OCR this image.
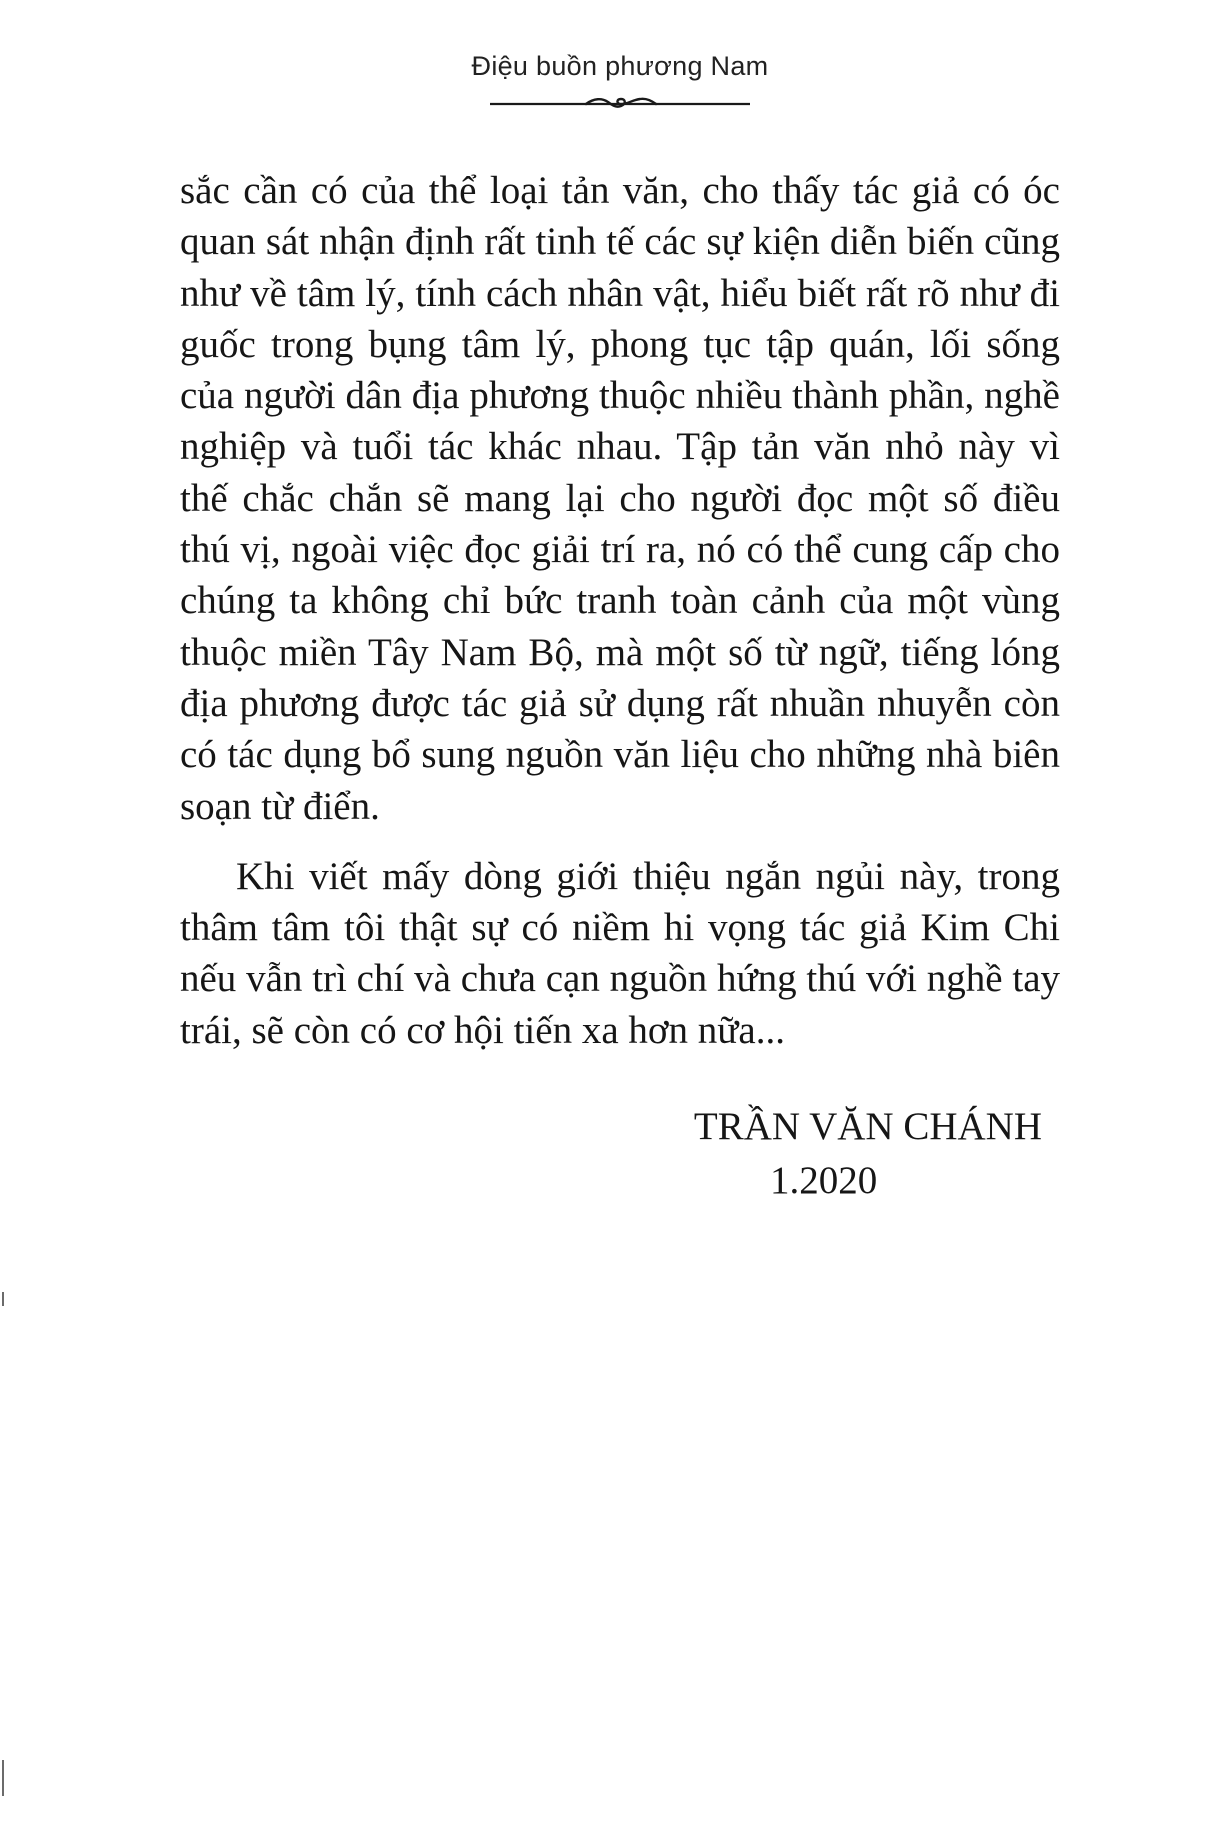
Điệu buồn phương Nam

sắc cần có của thể loại tản văn, cho thấy tác giả có óc quan sát nhận định rất tinh tế các sự kiện diễn biến cũng như về tâm lý, tính cách nhân vật, hiểu biết rất rõ như đi guốc trong bụng tâm lý, phong tục tập quán, lối sống của người dân địa phương thuộc nhiều thành phần, nghề nghiệp và tuổi tác khác nhau. Tập tản văn nhỏ này vì thế chắc chắn sẽ mang lại cho người đọc một số điều thú vị, ngoài việc đọc giải trí ra, nó có thể cung cấp cho chúng ta không chỉ bức tranh toàn cảnh của một vùng thuộc miền Tây Nam Bộ, mà một số từ ngữ, tiếng lóng địa phương được tác giả sử dụng rất nhuần nhuyễn còn có tác dụng bổ sung nguồn văn liệu cho những nhà biên soạn từ điển.

Khi viết mấy dòng giới thiệu ngắn ngủi này, trong thâm tâm tôi thật sự có niềm hi vọng tác giả Kim Chi nếu vẫn trì chí và chưa cạn nguồn hứng thú với nghề tay trái, sẽ còn có cơ hội tiến xa hơn nữa...

TRẦN VĂN CHÁNH
1.2020
